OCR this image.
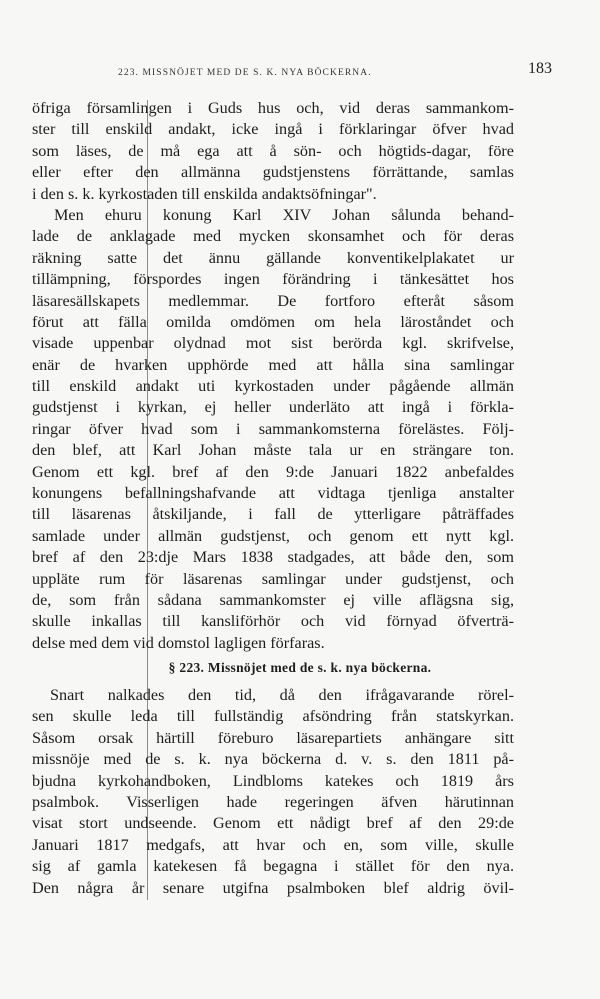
223. MISSNÖJET MED DE S. K. NYA BÖCKERNA.	183
öfriga församlingen i Guds hus och, vid deras sammankom-
ster till enskild andakt, icke ingå i förklaringar öfver hvad
som läses, de må ega att å sön- och högtids-dagar, före
eller efter den allmänna gudstjenstens förrättande, samlas
i den s. k. kyrkostaden till enskilda andaktsöfningar".
Men ehuru konung Karl XIV Johan sålunda behand-
lade de anklagade med mycken skonsamhet och för deras
räkning satte det ännu gällande konventikelplakatet ur
tillämpning, förspordes ingen förändring i tänkesättet hos
läsaresällskapets medlemmar. De fortforo efteråt såsom
förut att fälla omilda omdömen om hela läroståndet och
visade uppenbar olydnad mot sist berörda kgl. skrifvelse,
enär de hvarken upphörde med att hålla sina samlingar
till enskild andakt uti kyrkostaden under pågående allmän
gudstjenst i kyrkan, ej heller underläto att ingå i förkla-
ringar öfver hvad som i sammankomsterna förelästes. Följ-
den blef, att Karl Johan måste tala ur en strängare ton.
Genom ett kgl. bref af den 9:de Januari 1822 anbefaldes
konungens befallningshafvande att vidtaga tjenliga anstalter
till läsarenas åtskiljande, i fall de ytterligare påträffades
samlade under allmän gudstjenst, och genom ett nytt kgl.
bref af den 23:dje Mars 1838 stadgades, att både den, som
uppläte rum för läsarenas samlingar under gudstjenst, och
de, som från sådana sammankomster ej ville aflägsna sig,
skulle inkallas till kansliförhör och vid förnyad öfverträ-
delse med dem vid domstol lagligen förfaras.
§ 223. Missnöjet med de s. k. nya böckerna.
Snart nalkades den tid, då den ifrågavarande rörel-
sen skulle leda till fullständig afsöndring från statskyrkan.
Såsom orsak härtill föreburo läsarepartiets anhängare sitt
missnöje med de s. k. nya böckerna d. v. s. den 1811 på-
bjudna kyrkohandboken, Lindbloms katekes och 1819 års
psalmbok. Visserligen hade regeringen äfven härutinnan
visat stort undseende. Genom ett nådigt bref af den 29:de
Januari 1817 medgafs, att hvar och en, som ville, skulle
sig af gamla katekesen få begagna i stället för den nya.
Den några år senare utgifna psalmboken blef aldrig övil-
